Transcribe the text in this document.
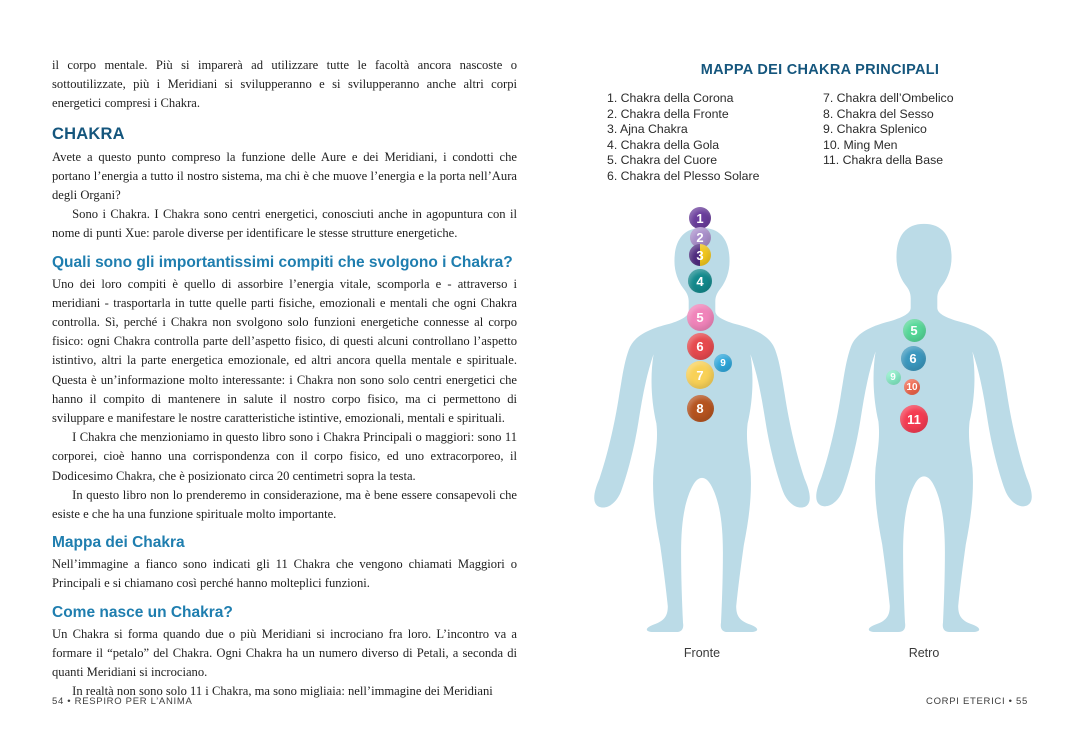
il corpo mentale. Più si imparerà ad utilizzare tutte le facoltà ancora nascoste o sottoutilizzate, più i Meridiani si svilupperanno e si svilupperanno anche altri corpi energetici compresi i Chakra.

CHAKRA

Avete a questo punto compreso la funzione delle Aure e dei Meridiani, i condotti che portano l’energia a tutto il nostro sistema, ma chi è che muove l’energia e la porta nell’Aura degli Organi?

Sono i Chakra. I Chakra sono centri energetici, conosciuti anche in agopuntura con il nome di punti Xue: parole diverse per identificare le stesse strutture energetiche.

Quali sono gli importantissimi compiti che svolgono i Chakra?

Uno dei loro compiti è quello di assorbire l’energia vitale, scomporla e - attraverso i meridiani - trasportarla in tutte quelle parti fisiche, emozionali e mentali che ogni Chakra controlla. Sì, perché i Chakra non svolgono solo funzioni energetiche connesse al corpo fisico: ogni Chakra controlla parte dell’aspetto fisico, di questi alcuni controllano l’aspetto istintivo, altri la parte energetica emozionale, ed altri ancora quella mentale e spirituale. Questa è un’informazione molto interessante: i Chakra non sono solo centri energetici che hanno il compito di mantenere in salute il nostro corpo fisico, ma ci permettono di sviluppare e manifestare le nostre caratteristiche istintive, emozionali, mentali e spirituali.

I Chakra che menzioniamo in questo libro sono i Chakra Principali o maggiori: sono 11 corporei, cioè hanno una corrispondenza con il corpo fisico, ed uno extracorporeo, il Dodicesimo Chakra, che è posizionato circa 20 centimetri sopra la testa.

In questo libro non lo prenderemo in considerazione, ma è bene essere consapevoli che esiste e che ha una funzione spirituale molto importante.

Mappa dei Chakra

Nell’immagine a fianco sono indicati gli 11 Chakra che vengono chiamati Maggiori o Principali e si chiamano così perché hanno molteplici funzioni.

Come nasce un Chakra?

Un Chakra si forma quando due o più Meridiani si incrociano fra loro. L’incontro va a formare il “petalo” del Chakra. Ogni Chakra ha un numero diverso di Petali, a seconda di quanti Meridiani si incrociano.

In realtà non sono solo 11 i Chakra, ma sono migliaia: nell’immagine dei Meridiani

54 • RESPIRO PER L’ANIMA
MAPPA DEI CHAKRA PRINCIPALI
1. Chakra della Corona
2. Chakra della Fronte
3. Ajna Chakra
4. Chakra della Gola
5. Chakra del Cuore
6. Chakra del Plesso Solare
7. Chakra dell’Ombelico
8. Chakra del Sesso
9. Chakra Splenico
10. Ming Men
11. Chakra della Base
1
2
3
4
5
6
7
8
9
Fronte
5
6
9
10
11
Retro
CORPI ETERICI • 55
